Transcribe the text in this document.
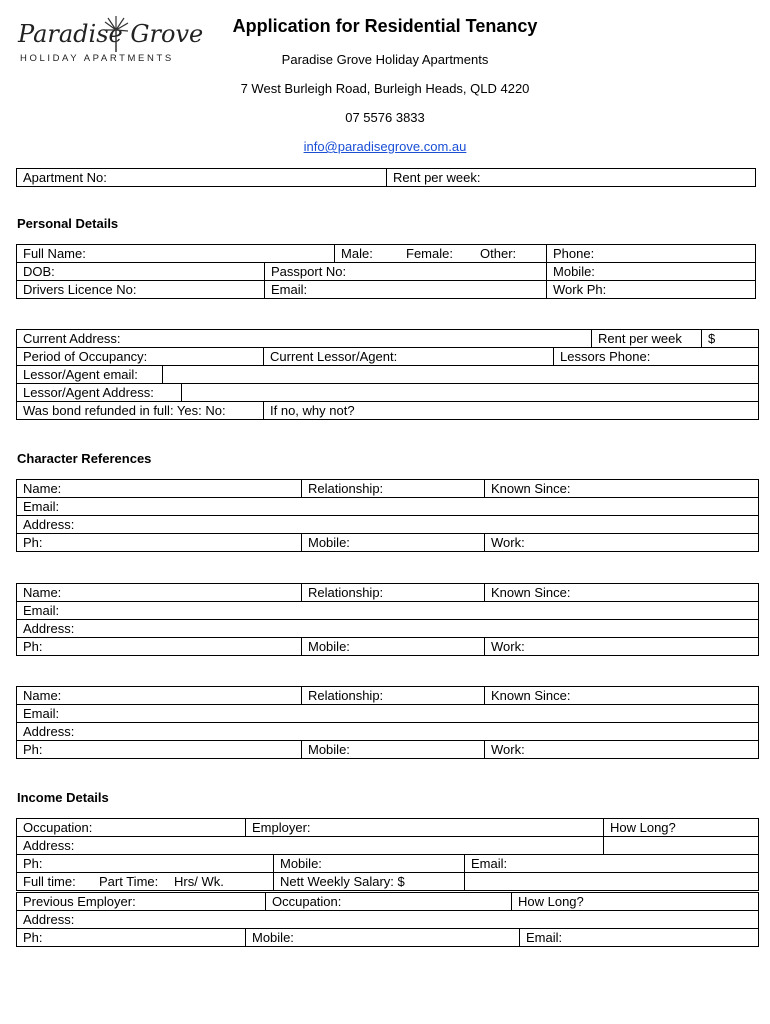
Paradise Grove
HOLIDAY APARTMENTS
Application for Residential Tenancy
Paradise Grove Holiday Apartments
7 West Burleigh Road, Burleigh Heads, QLD 4220
07 5576 3833
info@paradisegrove.com.au
Apartment No:	Rent per week:
Personal Details
Full Name:		Male: Female: Other:	Phone:
DOB:	Passport No:		Mobile:
Drivers Licence No:	Email:		Work Ph:
Current Address:					Rent per week	$
Period of Occupancy:			Current Lessor/Agent:	Lessors Phone:		
Lessor/Agent email:						
Lessor/Agent Address:						
Was bond refunded in full: Yes: No:			If no, why not?			
Character References
Name:	Relationship:	Known Since:
Email:		
Address:		
Ph:	Mobile:	Work:
Name:	Relationship:	Known Since:
Email:		
Address:		
Ph:	Mobile:	Work:
Name:	Relationship:	Known Since:
Email:		
Address:		
Ph:	Mobile:	Work:
Income Details
Occupation:	Employer:			How Long?
Address:				
Ph:		Mobile:	Email:	
Full time: Part Time: Hrs/ Wk.		Nett Weekly Salary: $		
Previous Employer:		Occupation:	How Long?	
Address:				
Ph:	Mobile:			Email:
